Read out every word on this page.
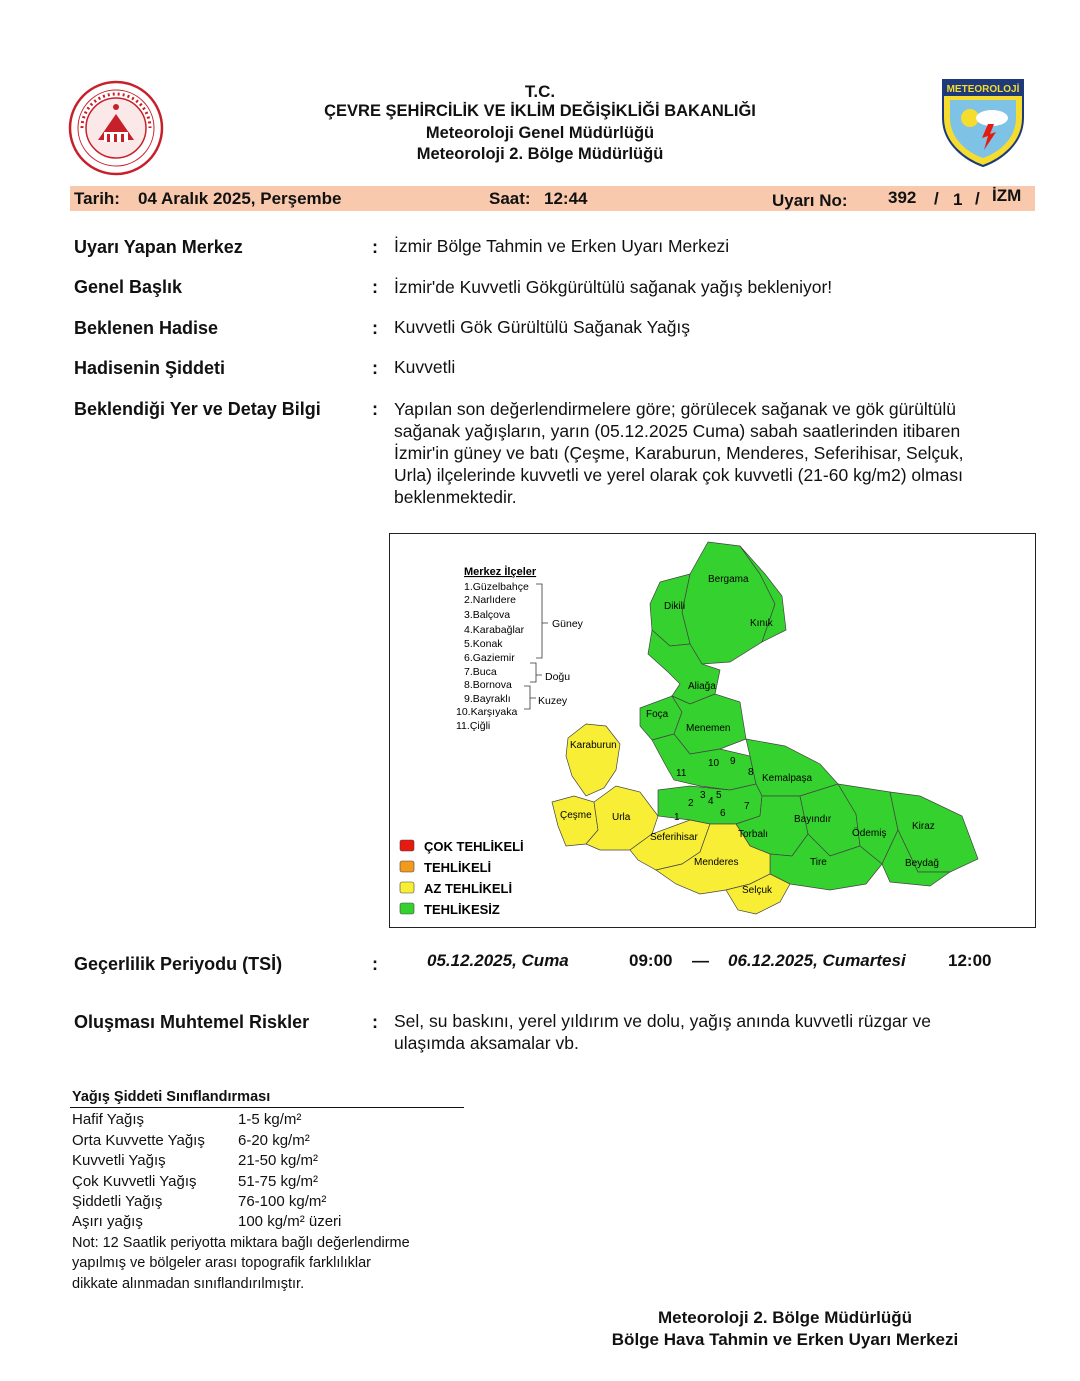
T.C.
ÇEVRE ŞEHİRCİLİK VE İKLİM DEĞİŞİKLİĞİ BAKANLIĞI
Meteoroloji Genel Müdürlüğü
Meteoroloji 2. Bölge Müdürlüğü
METEOROLOJİ
Tarih: 04 Aralık 2025, Perşembe	Saat: 12:44	Uyarı No: 392 / 1 / İZM
Uyarı Yapan Merkez	: İzmir Bölge Tahmin ve Erken Uyarı Merkezi
Genel Başlık	: İzmir'de Kuvvetli Gökgürültülü sağanak yağış bekleniyor!
Beklenen Hadise	: Kuvvetli Gök Gürültülü Sağanak Yağış
Hadisenin Şiddeti	: Kuvvetli
Beklendiği Yer ve Detay Bilgi	: Yapılan son değerlendirmelere göre; görülecek sağanak ve gök gürültülü

sağanak yağışların, yarın (05.12.2025 Cuma) sabah saatlerinden itibaren

İzmir'in güney ve batı (Çeşme, Karaburun, Menderes, Seferihisar, Selçuk,

Urla) ilçelerinde kuvvetli ve yerel olarak çok kuvvetli (21-60 kg/m2) olması

beklenmektedir.

ÇOK TEHLİKELİ
TEHLİKELİ
AZ TEHLİKELİ
TEHLİKESİZ
Merkez İlçeler
1.Güzelbahçe
2.Narlıdere
3.Balçova
4.Karabağlar
5.Konak
6.Gaziemir
7.Buca
8.Bornova
9.Bayraklı
10.Karşıyaka
11.Çiğli
Güney
Doğu
Kuzey
Bergama
Dikili
Kınık
Aliağa
Foça
Menemen
Karaburun
Kemalpaşa
Çeşme Urla
Seferihisar	Torbalı
Bayındır
Ödemiş
Kiraz
Menderes	Tire	Beydağ
Selçuk
1
2
3
4
5
6
7
8
9
10
11
Geçerlilik Periyodu (TSİ)	:	05.12.2025, Cuma	09:00 — 06.12.2025, Cumartesi 12:00
Oluşması Muhtemel Riskler	: Sel, su baskını, yerel yıldırım ve dolu, yağış anında kuvvetli rüzgar ve

ulaşımda aksamalar vb.

Yağış Şiddeti Sınıflandırması
Hafif Yağış	1-5 kg/m²
Orta Kuvvette Yağış 6-20 kg/m²
Kuvvetli Yağış	21-50 kg/m²
Çok Kuvvetli Yağış	51-75 kg/m²
Şiddetli Yağış	76-100 kg/m²
Aşırı yağış	100 kg/m² üzeri
Not: 12 Saatlik periyotta miktara bağlı değerlendirme
yapılmış ve bölgeler arası topografik farklılıklar
dikkate alınmadan sınıflandırılmıştır.
Meteoroloji 2. Bölge Müdürlüğü
Bölge Hava Tahmin ve Erken Uyarı Merkezi
